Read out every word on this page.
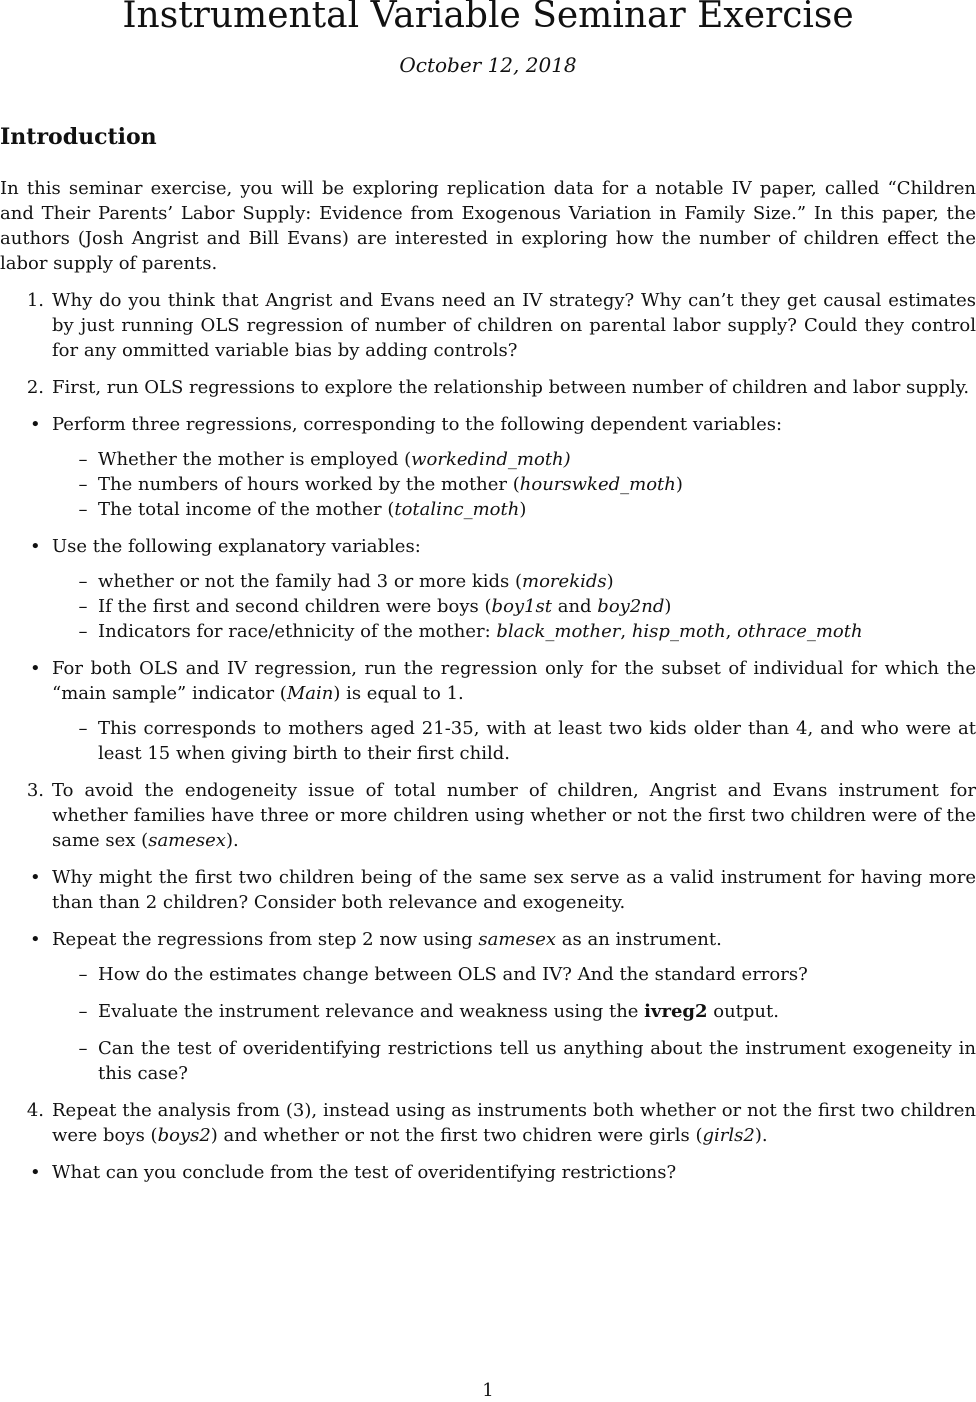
Instrumental Variable Seminar Exercise
October 12, 2018
Introduction

In this seminar exercise, you will be exploring replication data for a notable IV paper, called “Children and Their Parents’ Labor Supply: Evidence from Exogenous Variation in Family Size.” In this paper, the authors (Josh Angrist and Bill Evans) are interested in exploring how the number of children effect the labor supply of parents.

1. Why do you think that Angrist and Evans need an IV strategy? Why can’t they get causal estimates by just running OLS regression of number of children on parental labor supply? Could they control for any ommitted variable bias by adding controls?
2. First, run OLS regressions to explore the relationship between number of children and labor supply.
• Perform three regressions, corresponding to the following dependent variables:
– Whether the mother is employed (workedind_moth)
– The numbers of hours worked by the mother (hourswked_moth)
– The total income of the mother (totalinc_moth)
• Use the following explanatory variables:
– whether or not the family had 3 or more kids (morekids)
– If the first and second children were boys (boy1st and boy2nd)
– Indicators for race/ethnicity of the mother: black_mother, hisp_moth, othrace_moth
• For both OLS and IV regression, run the regression only for the subset of individual for which the “main sample” indicator (Main) is equal to 1.
– This corresponds to mothers aged 21-35, with at least two kids older than 4, and who were at least 15 when giving birth to their first child.
3. To avoid the endogeneity issue of total number of children, Angrist and Evans instrument for whether families have three or more children using whether or not the first two children were of the same sex (samesex).
• Why might the first two children being of the same sex serve as a valid instrument for having more than than 2 children? Consider both relevance and exogeneity.
• Repeat the regressions from step 2 now using samesex as an instrument.
– How do the estimates change between OLS and IV? And the standard errors?
– Evaluate the instrument relevance and weakness using the ivreg2 output.
– Can the test of overidentifying restrictions tell us anything about the instrument exogeneity in this case?
4. Repeat the analysis from (3), instead using as instruments both whether or not the first two children were boys (boys2) and whether or not the first two chidren were girls (girls2).
• What can you conclude from the test of overidentifying restrictions?
1
